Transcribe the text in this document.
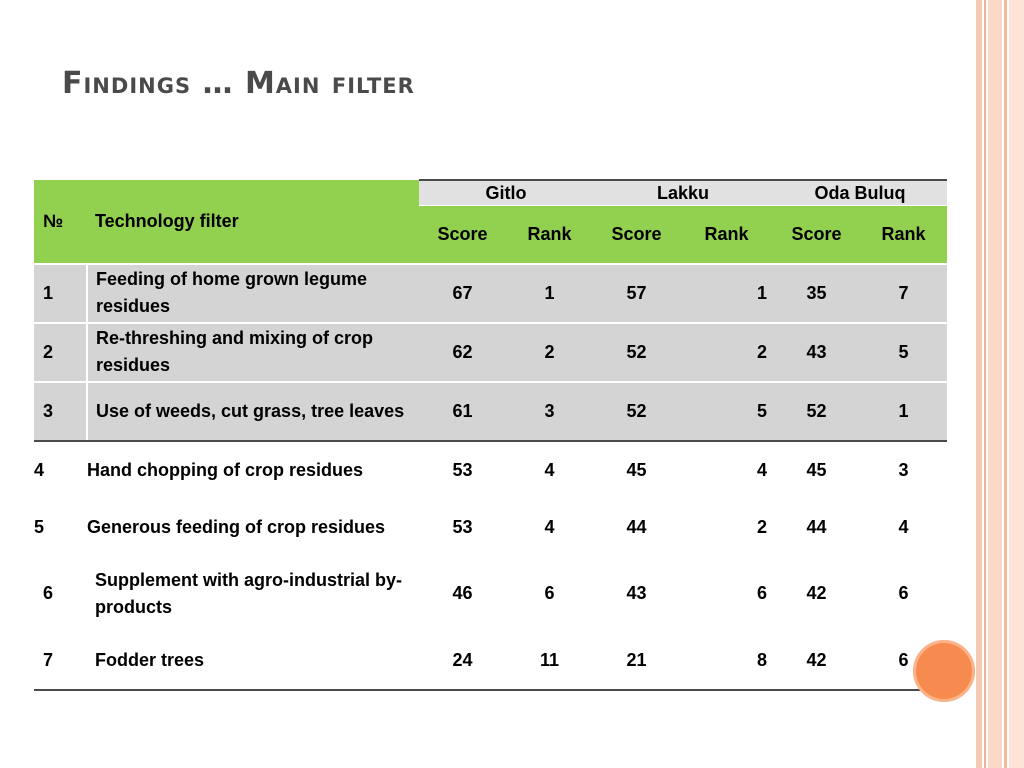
Findings … Main filter
№	Technology filter	Gitlo		Lakku		Oda Buluq	
		Score	Rank	Score	Rank	Score	Rank
1	Feeding of home grown legume residues	67	1	57	1	35	7
2	Re-threshing and mixing of crop residues	62	2	52	2	43	5
3	Use of weeds, cut grass, tree leaves	61	3	52	5	52	1
4	Hand chopping of crop residues	53	4	45	4	45	3
5	Generous feeding of crop residues	53	4	44	2	44	4
6	Supplement with agro-industrial by-products	46	6	43	6	42	6
7	Fodder trees	24	11	21	8	42	6
